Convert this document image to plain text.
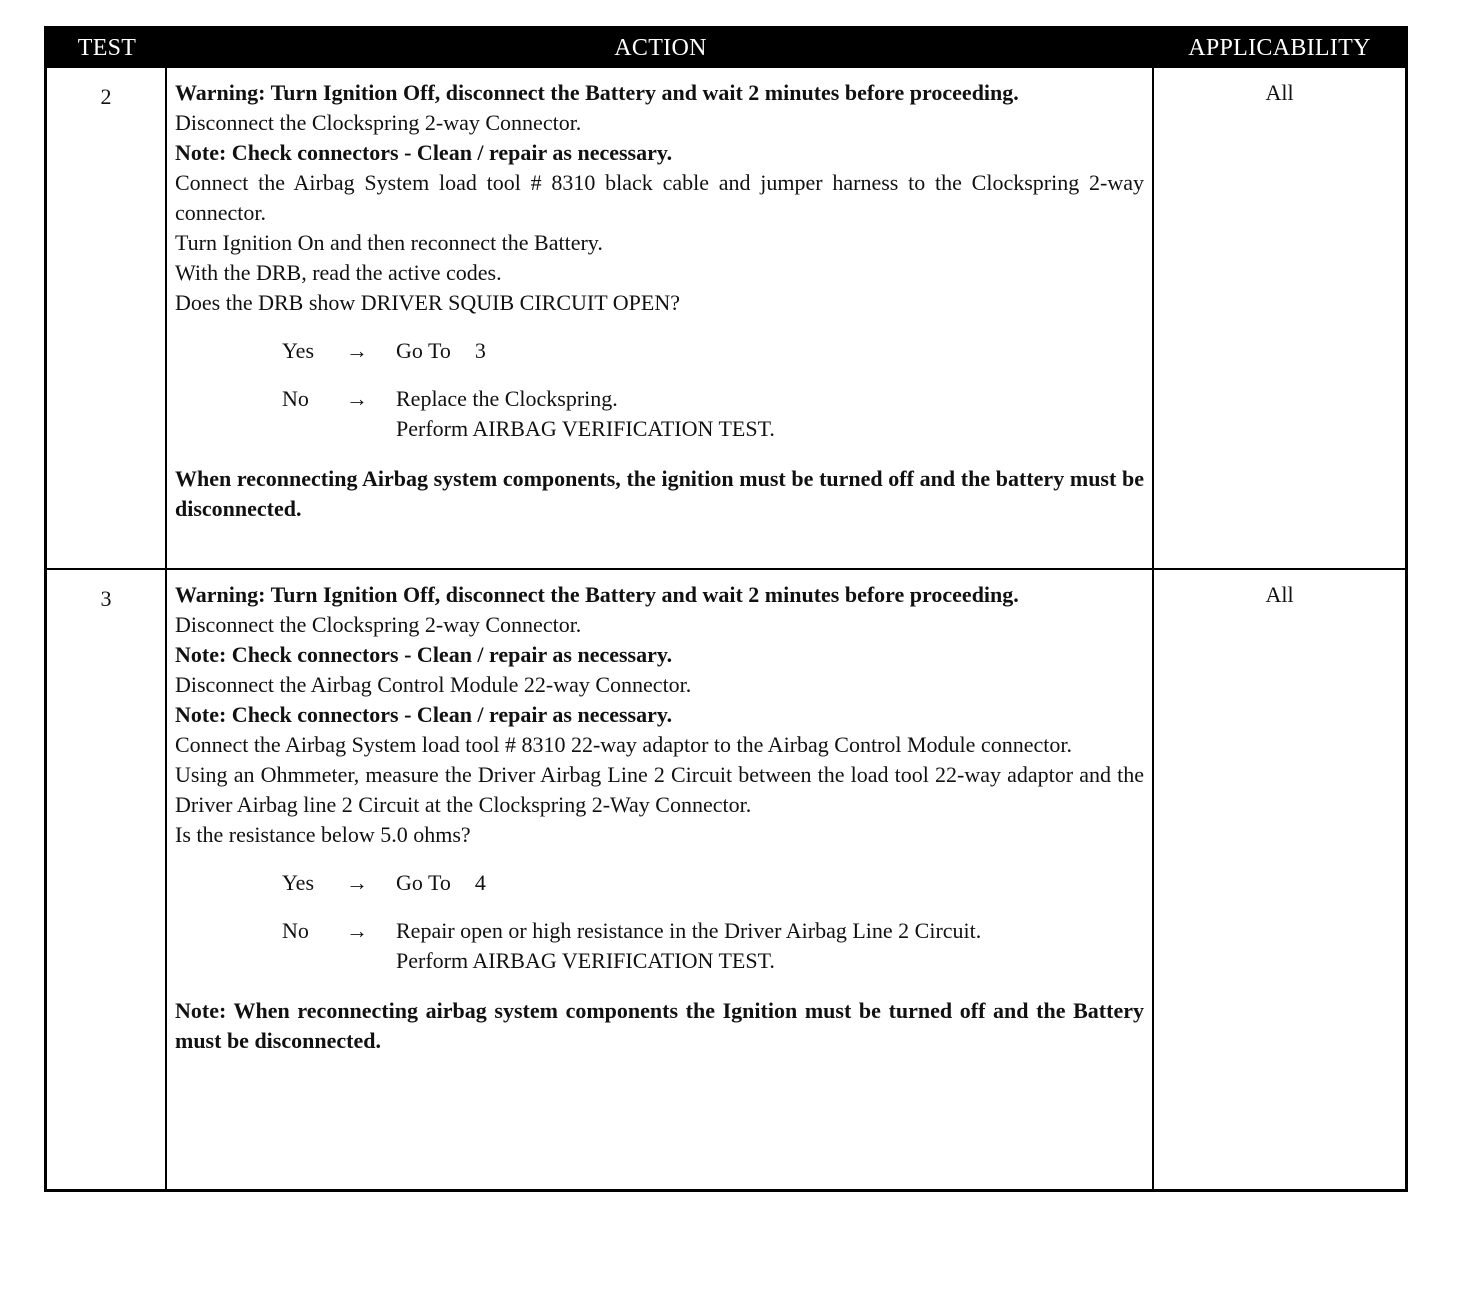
TEST	ACTION	APPLICABILITY
2	Warning: Turn Ignition Off, disconnect the Battery and wait 2 minutes before proceeding.
Disconnect the Clockspring 2-way Connector.
Note: Check connectors - Clean / repair as necessary.
Connect the Airbag System load tool # 8310 black cable and jumper harness to the Clockspring 2-way connector.
Turn Ignition On and then reconnect the Battery.
With the DRB, read the active codes.
Does the DRB show DRIVER SQUIB CIRCUIT OPEN?
Yes	→	Go To 3
No	→	Replace the Clockspring.
Perform AIRBAG VERIFICATION TEST.
When reconnecting Airbag system components, the ignition must be turned off and the battery must be disconnected.
All
3	Warning: Turn Ignition Off, disconnect the Battery and wait 2 minutes before proceeding.
Disconnect the Clockspring 2-way Connector.
Note: Check connectors - Clean / repair as necessary.
Disconnect the Airbag Control Module 22-way Connector.
Note: Check connectors - Clean / repair as necessary.
Connect the Airbag System load tool # 8310 22-way adaptor to the Airbag Control Module connector.
Using an Ohmmeter, measure the Driver Airbag Line 2 Circuit between the load tool 22-way adaptor and the Driver Airbag line 2 Circuit at the Clockspring 2-Way Connector.
Is the resistance below 5.0 ohms?
Yes	→	Go To 4
No	→	Repair open or high resistance in the Driver Airbag Line 2 Circuit.
Perform AIRBAG VERIFICATION TEST.
Note: When reconnecting airbag system components the Ignition must be turned off and the Battery must be disconnected.
All
